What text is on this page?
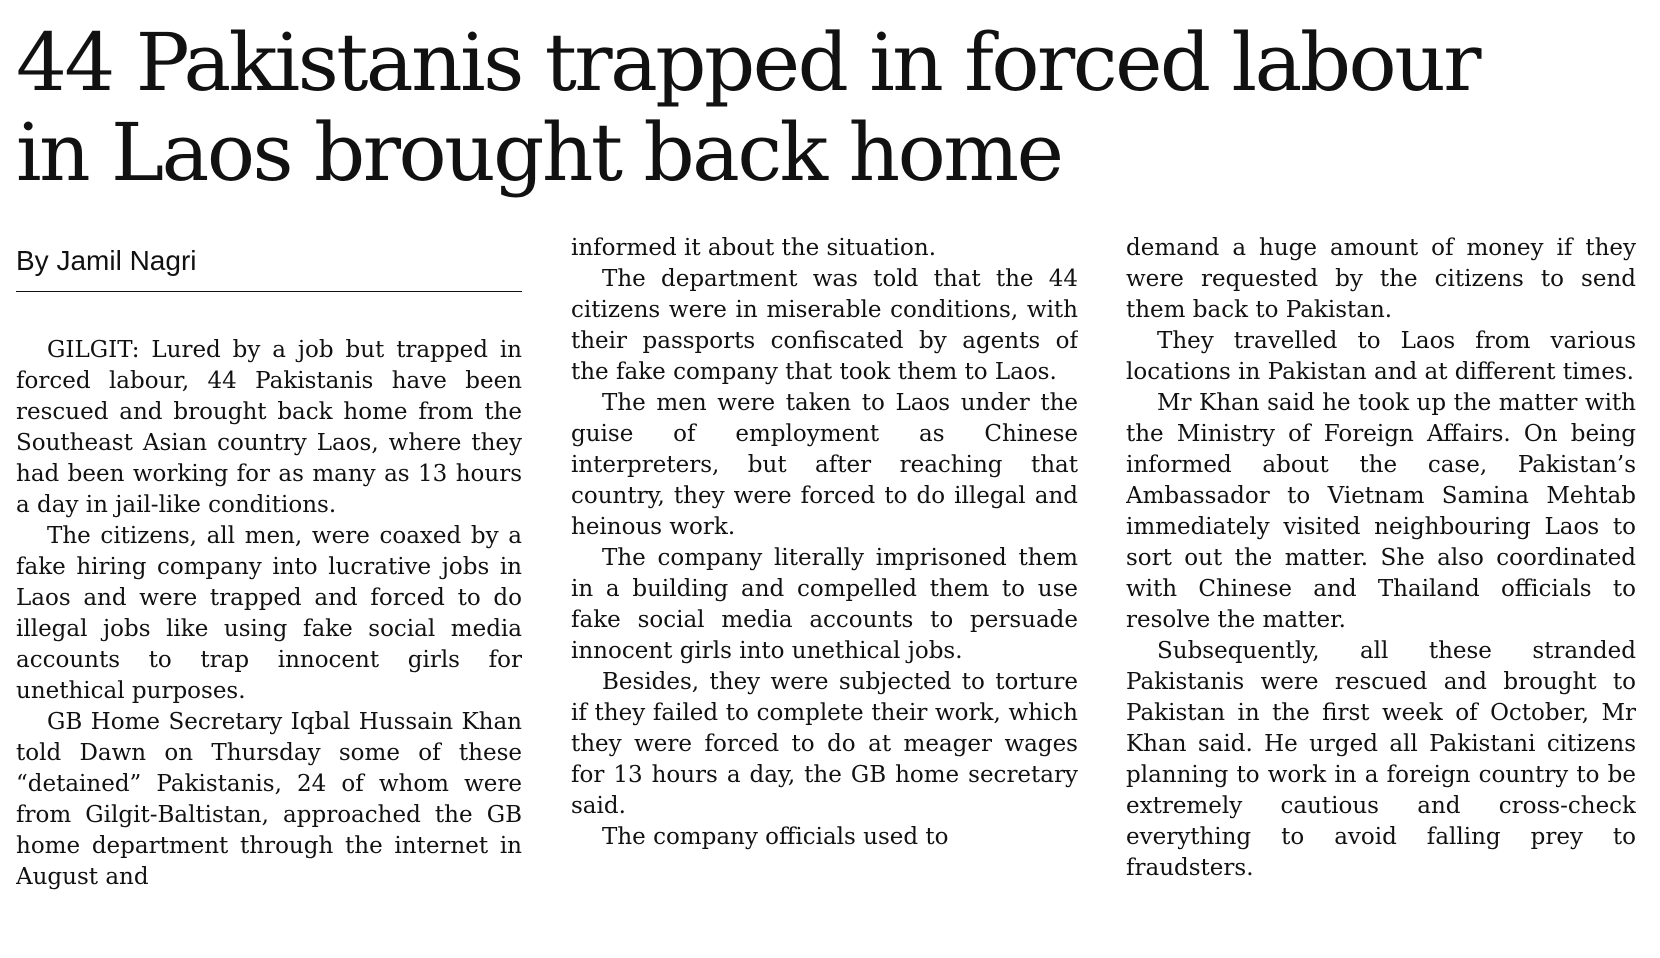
44 Pakistanis trapped in forced labour
in Laos brought back home
By Jamil Nagri

GILGIT: Lured by a job but trapped in forced labour, 44 Pakistanis have been rescued and brought back home from the Southeast Asian country Laos, where they had been working for as many as 13 hours a day in jail-like conditions.

The citizens, all men, were coaxed by a fake hiring company into lucrative jobs in Laos and were trapped and forced to do illegal jobs like using fake social media accounts to trap innocent girls for unethical purposes.

GB Home Secretary Iqbal Hussain Khan told Dawn on Thursday some of these “detained” Pakistanis, 24 of whom were from Gilgit-Baltistan, approached the GB home department through the internet in August and

informed it about the situation.

The department was told that the 44 citizens were in miserable conditions, with their passports confiscated by agents of the fake company that took them to Laos.

The men were taken to Laos under the guise of employment as Chinese interpreters, but after reaching that country, they were forced to do illegal and heinous work.

The company literally imprisoned them in a building and compelled them to use fake social media accounts to persuade innocent girls into unethical jobs.

Besides, they were subjected to torture if they failed to complete their work, which they were forced to do at meager wages for 13 hours a day, the GB home secretary said.

The company officials used to

demand a huge amount of money if they were requested by the citizens to send them back to Pakistan.

They travelled to Laos from various locations in Pakistan and at different times.

Mr Khan said he took up the matter with the Ministry of Foreign Affairs. On being informed about the case, Pakistan’s Ambassador to Vietnam Samina Mehtab immediately visited neighbouring Laos to sort out the matter. She also coordinated with Chinese and Thailand officials to resolve the matter.

Subsequently, all these stranded Pakistanis were rescued and brought to Pakistan in the first week of October, Mr Khan said. He urged all Pakistani citizens planning to work in a foreign country to be extremely cautious and cross-check everything to avoid falling prey to fraudsters.
